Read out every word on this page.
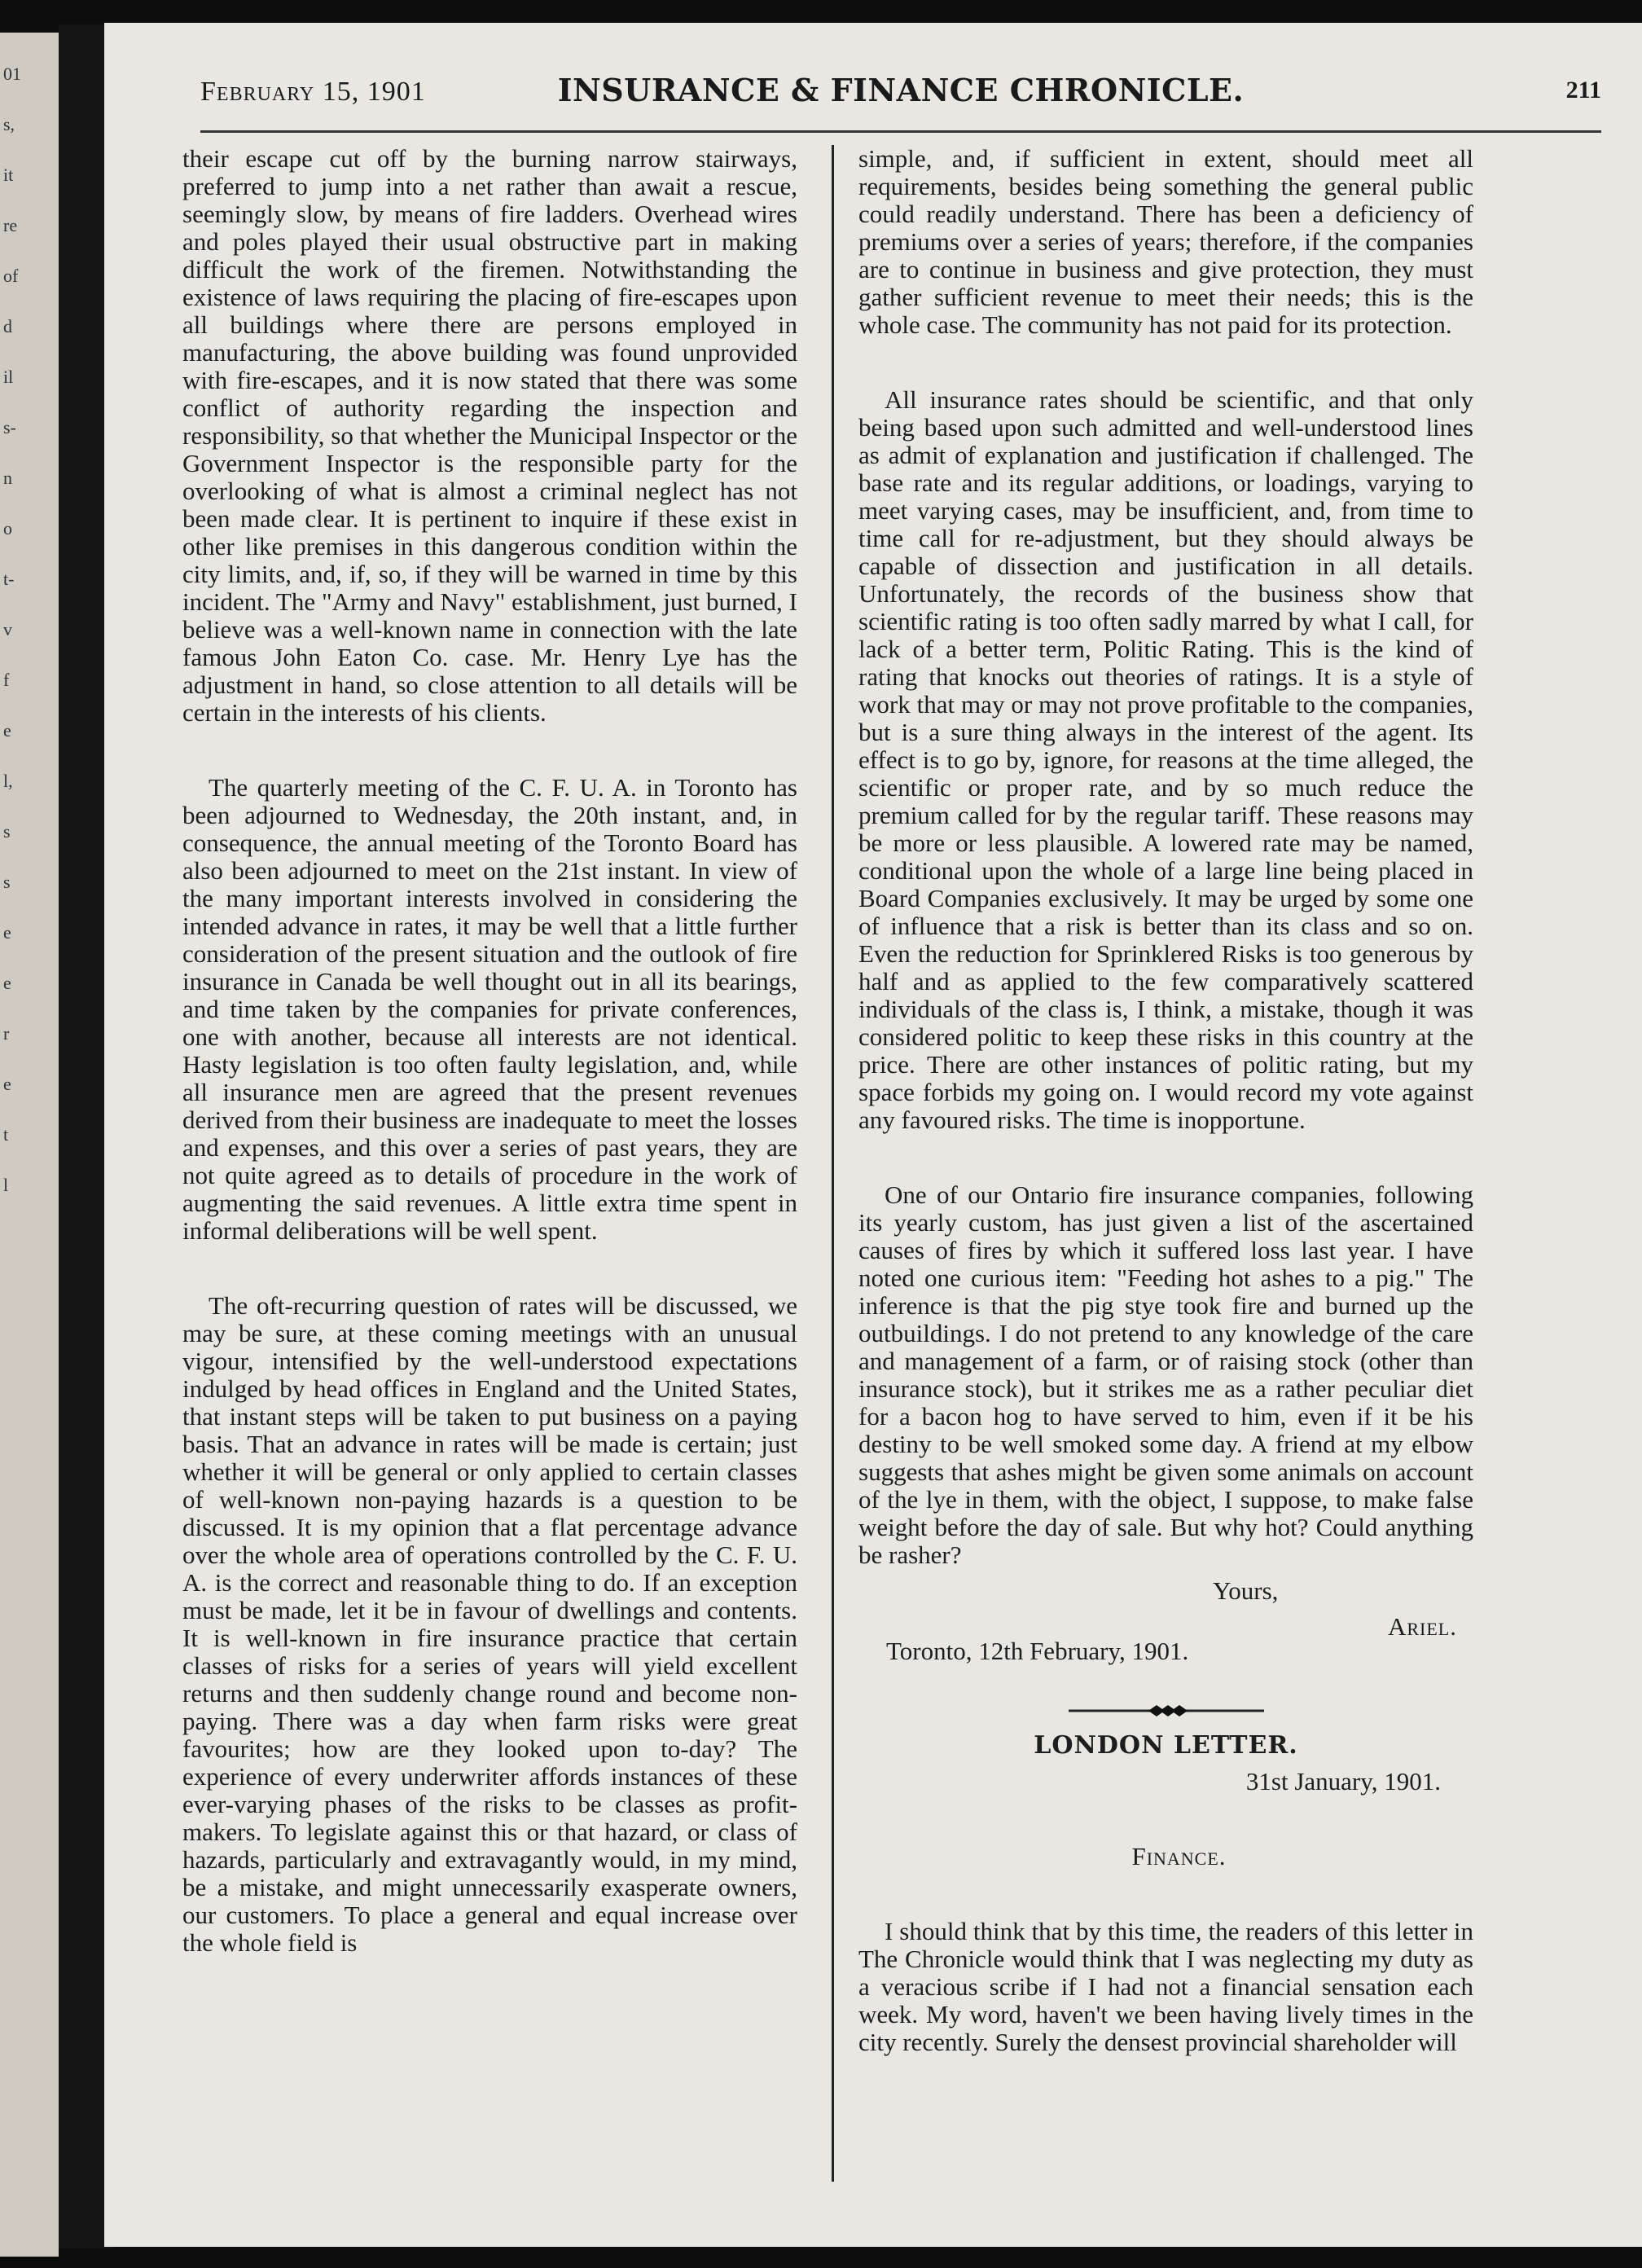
01
s,
it
re
of
d
il
s-
n
o
t-
v
f
e
l,
s
s
e
e
r
e
t
l
February 15, 1901	INSURANCE & FINANCE CHRONICLE.	211

their escape cut off by the burning narrow stairways, preferred to jump into a net rather than await a rescue, seemingly slow, by means of fire ladders. Overhead wires and poles played their usual obstructive part in making difficult the work of the firemen. Notwithstanding the existence of laws requiring the placing of fire-escapes upon all buildings where there are persons employed in manufacturing, the above building was found unprovided with fire-escapes, and it is now stated that there was some conflict of authority regarding the inspection and responsibility, so that whether the Municipal Inspector or the Government Inspector is the responsible party for the overlooking of what is almost a criminal neglect has not been made clear. It is pertinent to inquire if these exist in other like premises in this dangerous condition within the city limits, and, if, so, if they will be warned in time by this incident. The "Army and Navy" establishment, just burned, I believe was a well-known name in connection with the late famous John Eaton Co. case. Mr. Henry Lye has the adjustment in hand, so close attention to all details will be certain in the interests of his clients.

The quarterly meeting of the C. F. U. A. in Toronto has been adjourned to Wednesday, the 20th instant, and, in consequence, the annual meeting of the Toronto Board has also been adjourned to meet on the 21st instant. In view of the many important interests involved in considering the intended advance in rates, it may be well that a little further consideration of the present situation and the outlook of fire insurance in Canada be well thought out in all its bearings, and time taken by the companies for private conferences, one with another, because all interests are not identical. Hasty legislation is too often faulty legislation, and, while all insurance men are agreed that the present revenues derived from their business are inadequate to meet the losses and expenses, and this over a series of past years, they are not quite agreed as to details of procedure in the work of augmenting the said revenues. A little extra time spent in informal deliberations will be well spent.

The oft-recurring question of rates will be discussed, we may be sure, at these coming meetings with an unusual vigour, intensified by the well-understood expectations indulged by head offices in England and the United States, that instant steps will be taken to put business on a paying basis. That an advance in rates will be made is certain; just whether it will be general or only applied to certain classes of well-known non-paying hazards is a question to be discussed. It is my opinion that a flat percentage advance over the whole area of operations controlled by the C. F. U. A. is the correct and reasonable thing to do. If an exception must be made, let it be in favour of dwellings and contents. It is well-known in fire insurance practice that certain classes of risks for a series of years will yield excellent returns and then suddenly change round and become non-paying. There was a day when farm risks were great favourites; how are they looked upon to-day? The experience of every underwriter affords instances of these ever-varying phases of the risks to be classes as profit-makers. To legislate against this or that hazard, or class of hazards, particularly and extravagantly would, in my mind, be a mistake, and might unnecessarily exasperate owners, our customers. To place a general and equal increase over the whole field is

simple, and, if sufficient in extent, should meet all requirements, besides being something the general public could readily understand. There has been a deficiency of premiums over a series of years; therefore, if the companies are to continue in business and give protection, they must gather sufficient revenue to meet their needs; this is the whole case. The community has not paid for its protection.

All insurance rates should be scientific, and that only being based upon such admitted and well-understood lines as admit of explanation and justification if challenged. The base rate and its regular additions, or loadings, varying to meet varying cases, may be insufficient, and, from time to time call for re-adjustment, but they should always be capable of dissection and justification in all details. Unfortunately, the records of the business show that scientific rating is too often sadly marred by what I call, for lack of a better term, Politic Rating. This is the kind of rating that knocks out theories of ratings. It is a style of work that may or may not prove profitable to the companies, but is a sure thing always in the interest of the agent. Its effect is to go by, ignore, for reasons at the time alleged, the scientific or proper rate, and by so much reduce the premium called for by the regular tariff. These reasons may be more or less plausible. A lowered rate may be named, conditional upon the whole of a large line being placed in Board Companies exclusively. It may be urged by some one of influence that a risk is better than its class and so on. Even the reduction for Sprinklered Risks is too generous by half and as applied to the few comparatively scattered individuals of the class is, I think, a mistake, though it was considered politic to keep these risks in this country at the price. There are other instances of politic rating, but my space forbids my going on. I would record my vote against any favoured risks. The time is inopportune.

One of our Ontario fire insurance companies, following its yearly custom, has just given a list of the ascertained causes of fires by which it suffered loss last year. I have noted one curious item: "Feeding hot ashes to a pig." The inference is that the pig stye took fire and burned up the outbuildings. I do not pretend to any knowledge of the care and management of a farm, or of raising stock (other than insurance stock), but it strikes me as a rather peculiar diet for a bacon hog to have served to him, even if it be his destiny to be well smoked some day. A friend at my elbow suggests that ashes might be given some animals on account of the lye in them, with the object, I suppose, to make false weight before the day of sale. But why hot? Could anything be rasher?

Yours,
Ariel.
Toronto, 12th February, 1901.
LONDON LETTER.

31st January, 1901.

Finance.

I should think that by this time, the readers of this letter in The Chronicle would think that I was neglecting my duty as a veracious scribe if I had not a financial sensation each week. My word, haven't we been having lively times in the city recently. Surely the densest provincial shareholder will
